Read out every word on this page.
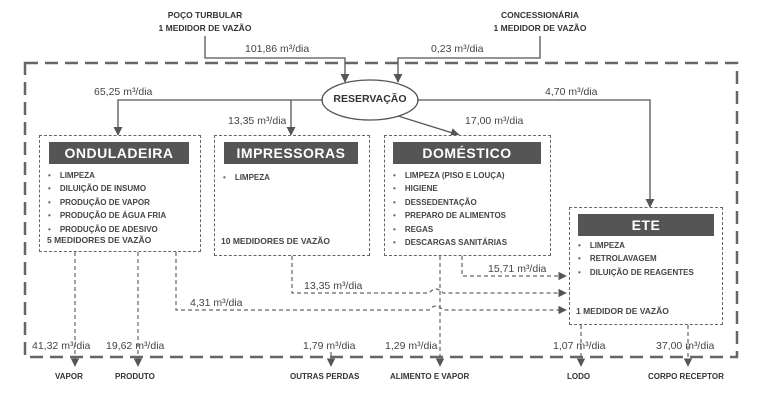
POÇO TURBULAR
1 MEDIDOR DE VAZÃO
CONCESSIONÁRIA
1 MEDIDOR DE VAZÃO
RESERVAÇÃO
101,86 m³/dia	0,23 m³/dia
65,25 m³/dia
13,35 m³/dia	17,00 m³/dia
4,70 m³/dia
15,71 m³/dia
13,35 m³/dia
4,31 m³/dia
ONDULADEIRA
• LIMPEZA
• DILUIÇÃO DE INSUMO
• PRODUÇÃO DE VAPOR
• PRODUÇÃO DE ÁGUA FRIA
• PRODUÇÃO DE ADESIVO
5 MEDIDORES DE VAZÃO
IMPRESSORAS
• LIMPEZA
10 MEDIDORES DE VAZÃO
DOMÉSTICO
• LIMPEZA (PISO E LOUÇA)
• HIGIENE
• DESSEDENTAÇÃO
• PREPARO DE ALIMENTOS
• REGAS
• DESCARGAS SANITÁRIAS
ETE
• LIMPEZA
• RETROLAVAGEM
• DILUIÇÃO DE REAGENTES
1 MEDIDOR DE VAZÃO
41,32 m³/dia 19,62 m³/dia	1,79 m³/dia	1,29 m³/dia	1,07 m³/dia	37,00 m³/dia
VAPOR	PRODUTO	OUTRAS PERDAS	ALIMENTO E VAPOR	LODO	CORPO RECEPTOR
